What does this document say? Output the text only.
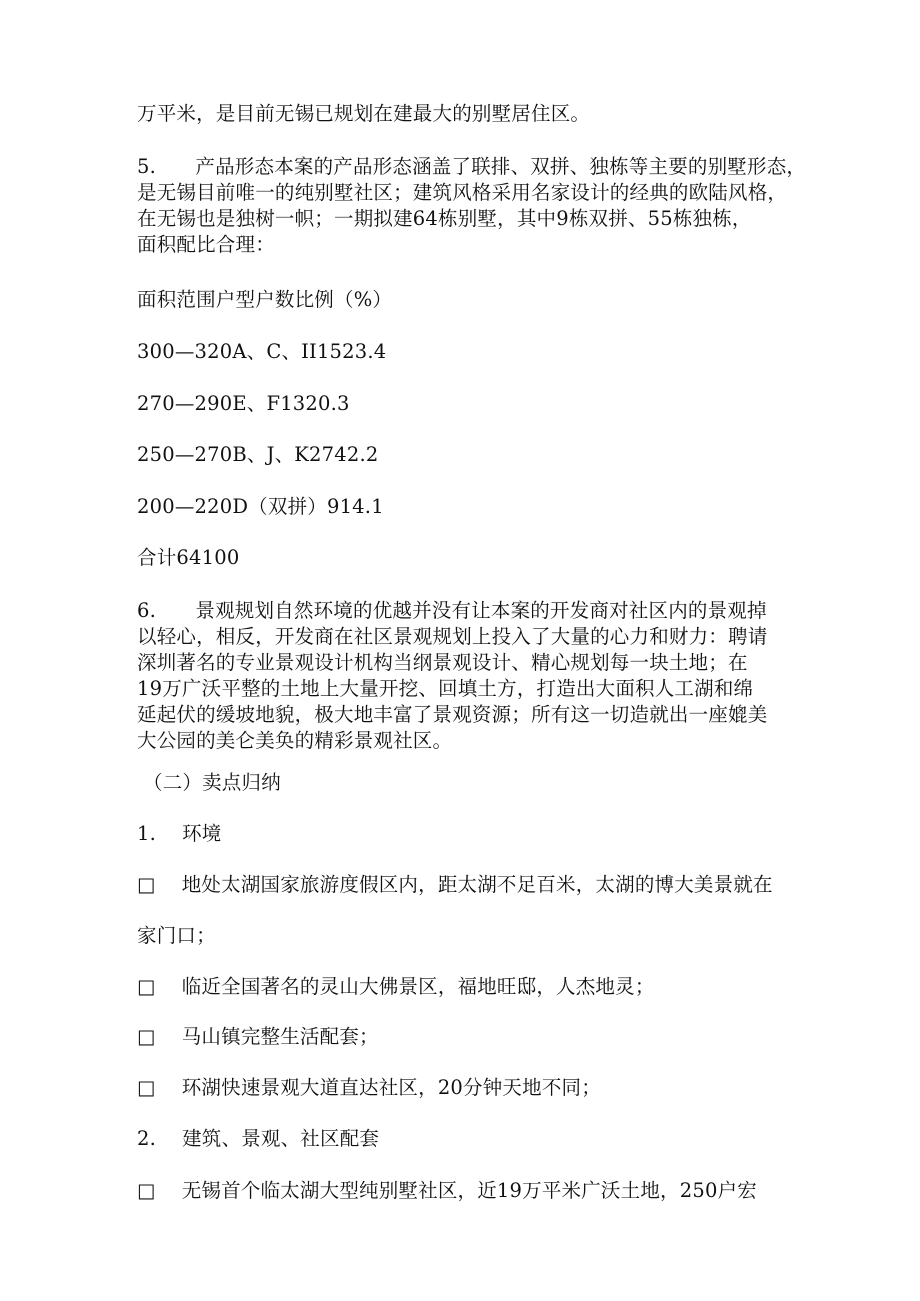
万平米，是目前无锡已规划在建最大的别墅居住区。
5.　　产品形态本案的产品形态涵盖了联排、双拼、独栋等主要的别墅形态，
是无锡目前唯一的纯别墅社区；建筑风格采用名家设计的经典的欧陆风格，
在无锡也是独树一帜；一期拟建64栋别墅，其中9栋双拼、55栋独栋，
面积配比合理：
面积范围户型户数比例（%）
300—320A、C、II1523.4
270—290E、F1320.3
250—270B、J、K2742.2
200—220D（双拼）914.1
合计64100
6.　　景观规划自然环境的优越并没有让本案的开发商对社区内的景观掉
以轻心，相反，开发商在社区景观规划上投入了大量的心力和财力：聘请
深圳著名的专业景观设计机构当纲景观设计、精心规划每一块土地；在
19万广沃平整的土地上大量开挖、回填土方，打造出大面积人工湖和绵
延起伏的缓坡地貌，极大地丰富了景观资源；所有这一切造就出一座媲美
大公园的美仑美奂的精彩景观社区。
（二）卖点归纳
1.　 环境
□　 地处太湖国家旅游度假区内，距太湖不足百米，太湖的博大美景就在
家门口；
□　 临近全国著名的灵山大佛景区，福地旺邸，人杰地灵；
□　 马山镇完整生活配套；
□　 环湖快速景观大道直达社区，20分钟天地不同；
2.　 建筑、景观、社区配套
□　 无锡首个临太湖大型纯别墅社区，近19万平米广沃土地，250户宏
